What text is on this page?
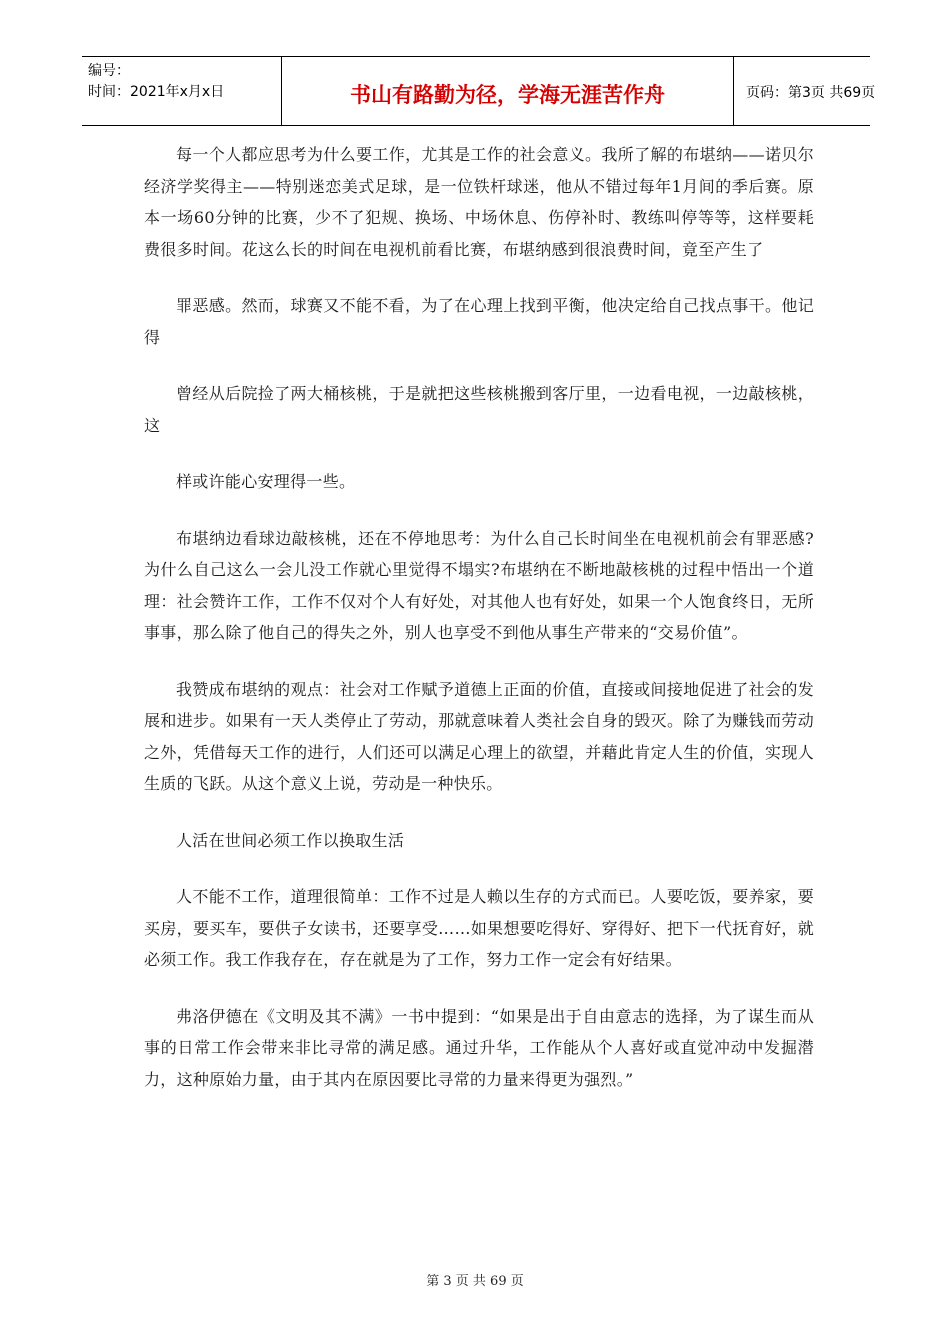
编号：
时间：2021年x月x日	书山有路勤为径，学海无涯苦作舟	页码：第3页 共69页

每一个人都应思考为什么要工作，尤其是工作的社会意义。我所了解的布堪纳——诺贝尔经济学奖得主——特别迷恋美式足球，是一位铁杆球迷，他从不错过每年1月间的季后赛。原本一场60分钟的比赛，少不了犯规、换场、中场休息、伤停补时、教练叫停等等，这样要耗费很多时间。花这么长的时间在电视机前看比赛，布堪纳感到很浪费时间，竟至产生了

罪恶感。然而，球赛又不能不看，为了在心理上找到平衡，他决定给自己找点事干。他记得

曾经从后院捡了两大桶核桃，于是就把这些核桃搬到客厅里，一边看电视，一边敲核桃，这

样或许能心安理得一些。

布堪纳边看球边敲核桃，还在不停地思考：为什么自己长时间坐在电视机前会有罪恶感?为什么自己这么一会儿没工作就心里觉得不塌实?布堪纳在不断地敲核桃的过程中悟出一个道理：社会赞许工作，工作不仅对个人有好处，对其他人也有好处，如果一个人饱食终日，无所事事，那么除了他自己的得失之外，别人也享受不到他从事生产带来的“交易价值”。

我赞成布堪纳的观点：社会对工作赋予道德上正面的价值，直接或间接地促进了社会的发展和进步。如果有一天人类停止了劳动，那就意味着人类社会自身的毁灭。除了为赚钱而劳动之外，凭借每天工作的进行，人们还可以满足心理上的欲望，并藉此肯定人生的价值，实现人生质的飞跃。从这个意义上说，劳动是一种快乐。

人活在世间必须工作以换取生活

人不能不工作，道理很简单：工作不过是人赖以生存的方式而已。人要吃饭，要养家，要买房，要买车，要供子女读书，还要享受……如果想要吃得好、穿得好、把下一代抚育好，就必须工作。我工作我存在，存在就是为了工作，努力工作一定会有好结果。

弗洛伊德在《文明及其不满》一书中提到：“如果是出于自由意志的选择，为了谋生而从事的日常工作会带来非比寻常的满足感。通过升华，工作能从个人喜好或直觉冲动中发掘潜力，这种原始力量，由于其内在原因要比寻常的力量来得更为强烈。”

第 3 页 共 69 页
